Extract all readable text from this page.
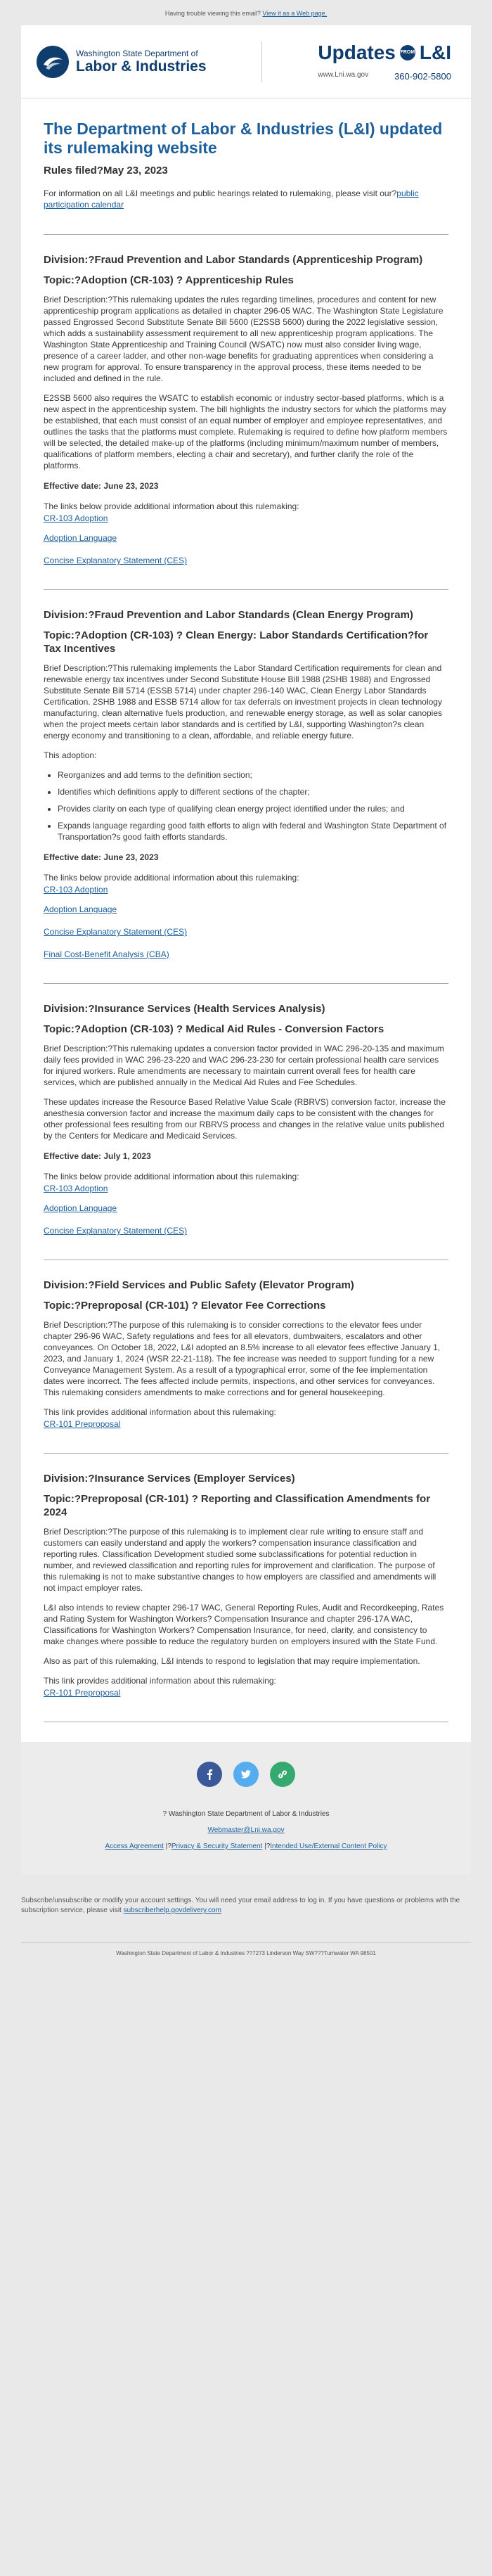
Having trouble viewing this email? View it as a Web page.
Washington State Department of
Labor & Industries
Updates FROM L&I
www.Lni.wa.gov	360-902-5800
The Department of Labor & Industries (L&I) updated its rulemaking website
Rules filed?May 23, 2023

For information on all L&I meetings and public hearings related to rulemaking, please visit our?public participation calendar

Division:?Fraud Prevention and Labor Standards (Apprenticeship Program)
Topic:?Adoption (CR-103) ? Apprenticeship Rules

Brief Description:?This rulemaking updates the rules regarding timelines, procedures and content for new apprenticeship program applications as detailed in chapter 296-05 WAC. The Washington State Legislature passed Engrossed Second Substitute Senate Bill 5600 (E2SSB 5600) during the 2022 legislative session, which adds a sustainability assessment requirement to all new apprenticeship program applications. The Washington State Apprenticeship and Training Council (WSATC) now must also consider living wage, presence of a career ladder, and other non-wage benefits for graduating apprentices when considering a new program for approval. To ensure transparency in the approval process, these items needed to be included and defined in the rule.

E2SSB 5600 also requires the WSATC to establish economic or industry sector-based platforms, which is a new aspect in the apprenticeship system. The bill highlights the industry sectors for which the platforms may be established, that each must consist of an equal number of employer and employee representatives, and outlines the tasks that the platforms must complete. Rulemaking is required to define how platform members will be selected, the detailed make-up of the platforms (including minimum/maximum number of members, qualifications of platform members, electing a chair and secretary), and further clarify the role of the platforms.

Effective date: June 23, 2023

The links below provide additional information about this rulemaking:

CR-103 Adoption
Adoption Language
Concise Explanatory Statement (CES)
Division:?Fraud Prevention and Labor Standards (Clean Energy Program)
Topic:?Adoption (CR-103) ? Clean Energy: Labor Standards Certification?for Tax Incentives

Brief Description:?This rulemaking implements the Labor Standard Certification requirements for clean and renewable energy tax incentives under Second Substitute House Bill 1988 (2SHB 1988) and Engrossed Substitute Senate Bill 5714 (ESSB 5714) under chapter 296-140 WAC, Clean Energy Labor Standards Certification. 2SHB 1988 and ESSB 5714 allow for tax deferrals on investment projects in clean technology manufacturing, clean alternative fuels production, and renewable energy storage, as well as solar canopies when the project meets certain labor standards and is certified by L&I, supporting Washington?s clean energy economy and transitioning to a clean, affordable, and reliable energy future.

This adoption:

• Reorganizes and add terms to the definition section;
• Identifies which definitions apply to different sections of the chapter;
• Provides clarity on each type of qualifying clean energy project identified under the rules; and
• Expands language regarding good faith efforts to align with federal and Washington State Department of Transportation?s good faith efforts standards.
Effective date: June 23, 2023

The links below provide additional information about this rulemaking:

CR-103 Adoption
Adoption Language
Concise Explanatory Statement (CES)
Final Cost-Benefit Analysis (CBA)
Division:?Insurance Services (Health Services Analysis)
Topic:?Adoption (CR-103) ? Medical Aid Rules - Conversion Factors

Brief Description:?This rulemaking updates a conversion factor provided in WAC 296-20-135 and maximum daily fees provided in WAC 296-23-220 and WAC 296-23-230 for certain professional health care services for injured workers. Rule amendments are necessary to maintain current overall fees for health care services, which are published annually in the Medical Aid Rules and Fee Schedules.

These updates increase the Resource Based Relative Value Scale (RBRVS) conversion factor, increase the anesthesia conversion factor and increase the maximum daily caps to be consistent with the changes for other professional fees resulting from our RBRVS process and changes in the relative value units published by the Centers for Medicare and Medicaid Services.

Effective date: July 1, 2023

The links below provide additional information about this rulemaking:

CR-103 Adoption
Adoption Language
Concise Explanatory Statement (CES)
Division:?Field Services and Public Safety (Elevator Program)
Topic:?Preproposal (CR-101) ? Elevator Fee Corrections

Brief Description:?The purpose of this rulemaking is to consider corrections to the elevator fees under chapter 296-96 WAC, Safety regulations and fees for all elevators, dumbwaiters, escalators and other conveyances. On October 18, 2022, L&I adopted an 8.5% increase to all elevator fees effective January 1, 2023, and January 1, 2024 (WSR 22-21-118). The fee increase was needed to support funding for a new Conveyance Management System. As a result of a typographical error, some of the fee implementation dates were incorrect. The fees affected include permits, inspections, and other services for conveyances. This rulemaking considers amendments to make corrections and for general housekeeping.

This link provides additional information about this rulemaking:

CR-101 Preproposal
Division:?Insurance Services (Employer Services)
Topic:?Preproposal (CR-101) ? Reporting and Classification Amendments for 2024

Brief Description:?The purpose of this rulemaking is to implement clear rule writing to ensure staff and customers can easily understand and apply the workers? compensation insurance classification and reporting rules. Classification Development studied some subclassifications for potential reduction in number, and reviewed classification and reporting rules for improvement and clarification. The purpose of this rulemaking is not to make substantive changes to how employers are classified and amendments will not impact employer rates.

L&I also intends to review chapter 296-17 WAC, General Reporting Rules, Audit and Recordkeeping, Rates and Rating System for Washington Workers? Compensation Insurance and chapter 296-17A WAC, Classifications for Washington Workers? Compensation Insurance, for need, clarity, and consistency to make changes where possible to reduce the regulatory burden on employers insured with the State Fund.

Also as part of this rulemaking, L&I intends to respond to legislation that may require implementation.

This link provides additional information about this rulemaking:

CR-101 Preproposal

? Washington State Department of Labor & Industries

Webmaster@Lni.wa.gov

Access Agreement |?Privacy & Security Statement |?Intended Use/External Content Policy

Subscribe/unsubscribe or modify your account settings. You will need your email address to log in. If you have questions or problems with the subscription service, please visit subscriberhelp.govdelivery.com
Washington State Department of Labor & Industries ??7273 Linderson Way SW???Tumwater WA 98501
